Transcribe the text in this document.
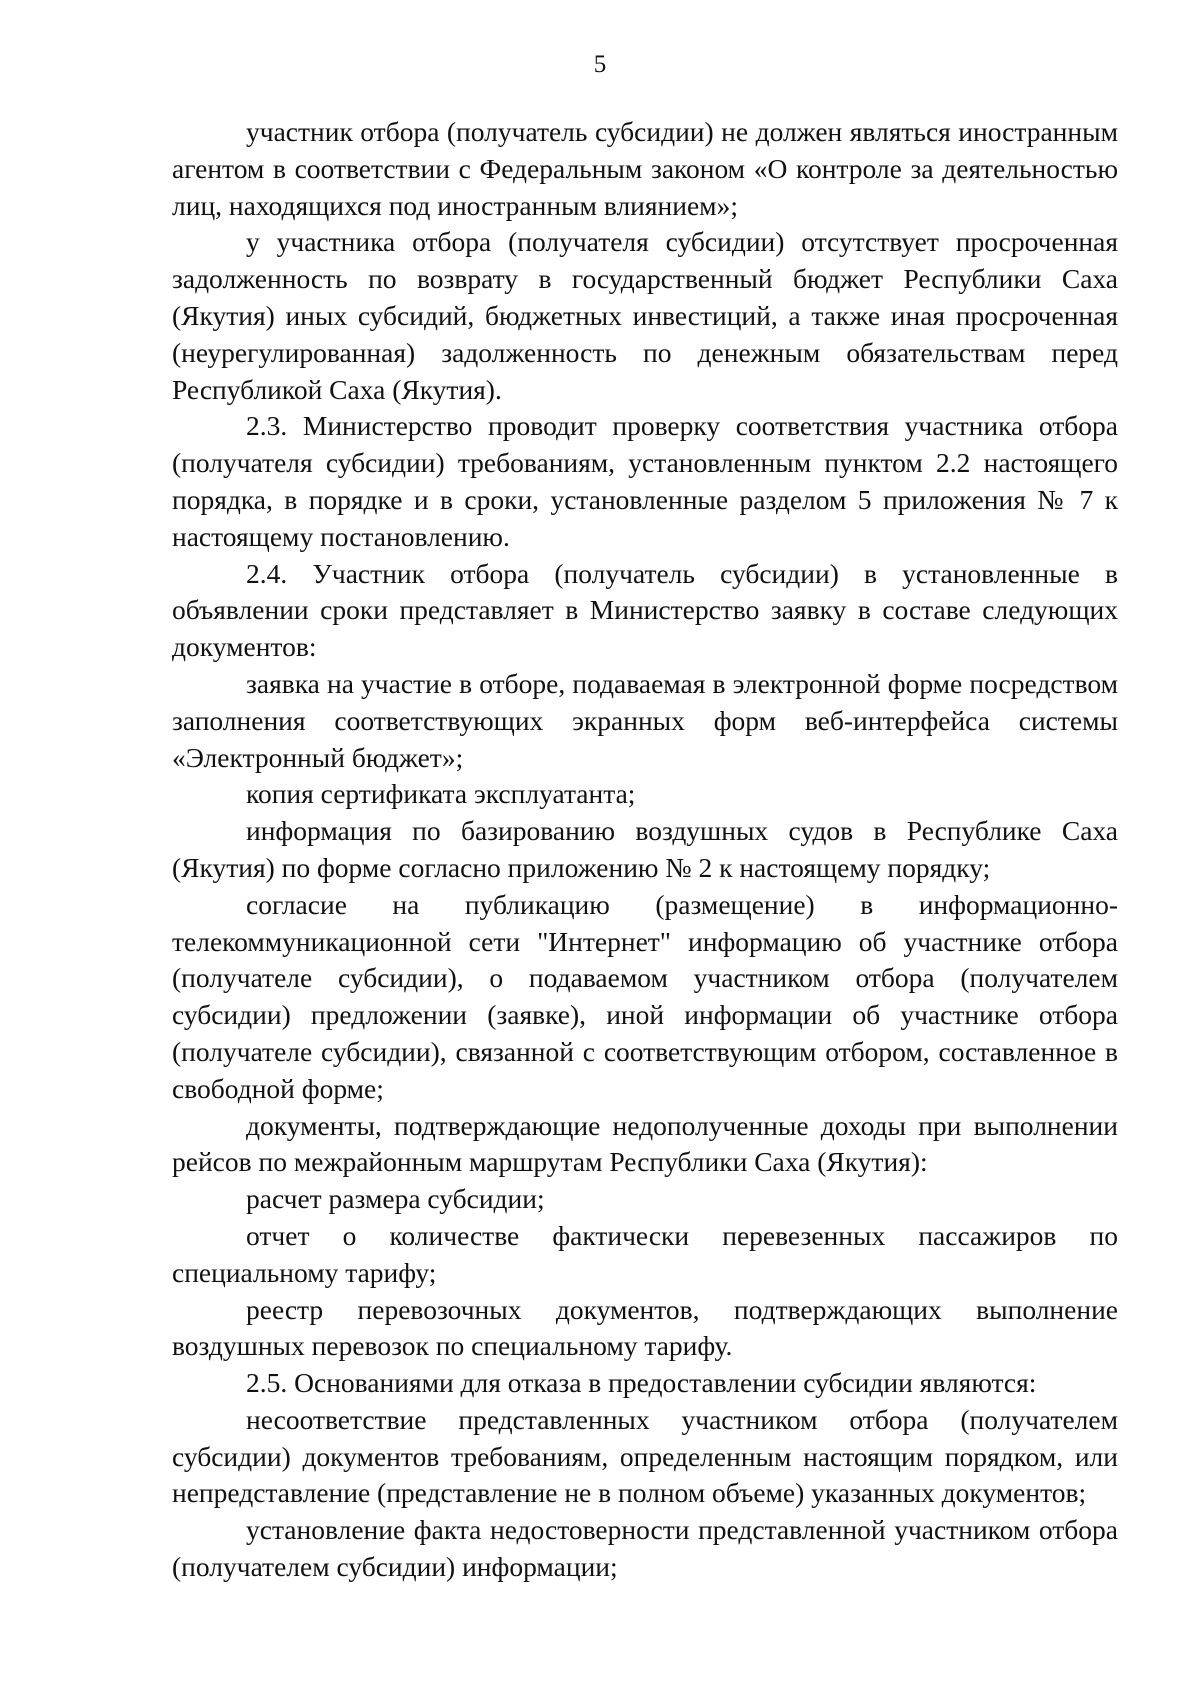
5

участник отбора (получатель субсидии) не должен являться иностранным агентом в соответствии с Федеральным законом «О контроле за деятельностью лиц, находящихся под иностранным влиянием»;

у участника отбора (получателя субсидии) отсутствует просроченная задолженность по возврату в государственный бюджет Республики Саха (Якутия) иных субсидий, бюджетных инвестиций, а также иная просроченная (неурегулированная) задолженность по денежным обязательствам перед Республикой Саха (Якутия).

2.3. Министерство проводит проверку соответствия участника отбора (получателя субсидии) требованиям, установленным пунктом 2.2 настоящего порядка, в порядке и в сроки, установленные разделом 5 приложения № 7 к настоящему постановлению.

2.4. Участник отбора (получатель субсидии) в установленные в объявлении сроки представляет в Министерство заявку в составе следующих документов:

заявка на участие в отборе, подаваемая в электронной форме посредством заполнения соответствующих экранных форм веб-интерфейса системы «Электронный бюджет»;

копия сертификата эксплуатанта;

информация по базированию воздушных судов в Республике Саха (Якутия) по форме согласно приложению № 2 к настоящему порядку;

согласие на публикацию (размещение) в информационно-телекоммуникационной сети "Интернет" информацию об участнике отбора (получателе субсидии), о подаваемом участником отбора (получателем субсидии) предложении (заявке), иной информации об участнике отбора (получателе субсидии), связанной с соответствующим отбором, составленное в свободной форме;

документы, подтверждающие недополученные доходы при выполнении рейсов по межрайонным маршрутам Республики Саха (Якутия):

расчет размера субсидии;

отчет о количестве фактически перевезенных пассажиров по специальному тарифу;

реестр перевозочных документов, подтверждающих выполнение воздушных перевозок по специальному тарифу.

2.5. Основаниями для отказа в предоставлении субсидии являются:

несоответствие представленных участником отбора (получателем субсидии) документов требованиям, определенным настоящим порядком, или непредставление (представление не в полном объеме) указанных документов;

установление факта недостоверности представленной участником отбора (получателем субсидии) информации;
